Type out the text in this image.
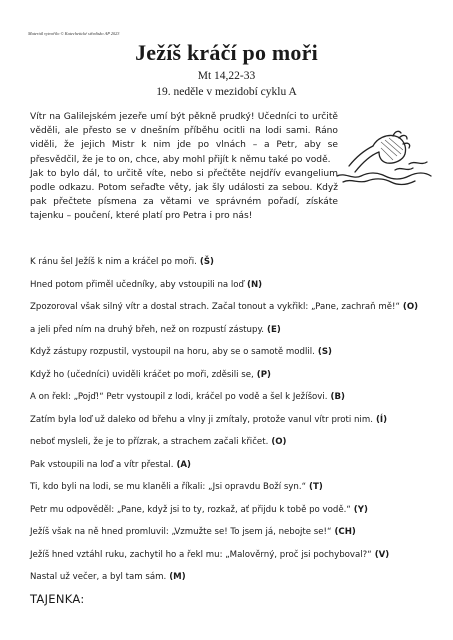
Materiál vytvořilo © Katechetické středisko AP 2023
Ježíš kráčí po moři
Mt 14,22-33
19. neděle v mezidobí cyklu A

Vítr na Galilejském jezeře umí být pěkně prudký! Učedníci to určitě věděli, ale přesto se v dnešním příběhu ocitli na lodi sami. Ráno viděli, že jejich Mistr k nim jde po vlnách – a Petr, aby se přesvědčil, že je to on, chce, aby mohl přijít k němu také po vodě.

Jak to bylo dál, to určitě víte, nebo si přečtěte nejdřív evangelium podle odkazu. Potom seřaďte věty, jak šly události za sebou. Když pak přečtete písmena za větami ve správném pořadí, získáte tajenku – poučení, které platí pro Petra i pro nás!

K ránu šel Ježíš k nim a kráčel po moři. (Š)
Hned potom přiměl učedníky, aby vstoupili na loď (N)
Zpozoroval však silný vítr a dostal strach. Začal tonout a vykřikl: „Pane, zachraň mě!“ (O)
a jeli před ním na druhý břeh, než on rozpustí zástupy. (E)
Když zástupy rozpustil, vystoupil na horu, aby se o samotě modlil. (S)
Když ho (učedníci) uviděli kráčet po moři, zděsili se, (P)
A on řekl: „Pojď!“ Petr vystoupil z lodi, kráčel po vodě a šel k Ježíšovi. (B)
Zatím byla loď už daleko od břehu a vlny ji zmítaly, protože vanul vítr proti nim. (Í)
neboť mysleli, že je to přízrak, a strachem začali křičet. (O)
Pak vstoupili na loď a vítr přestal. (A)
Ti, kdo byli na lodi, se mu klaněli a říkali: „Jsi opravdu Boží syn.“ (T)
Petr mu odpověděl: „Pane, když jsi to ty, rozkaž, ať přijdu k tobě po vodě.“ (Y)
Ježíš však na ně hned promluvil: „Vzmužte se! To jsem já, nebojte se!“ (CH)
Ježíš hned vztáhl ruku, zachytil ho a řekl mu: „Malověrný, proč jsi pochyboval?“ (V)
Nastal už večer, a byl tam sám. (M)
TAJENKA:
